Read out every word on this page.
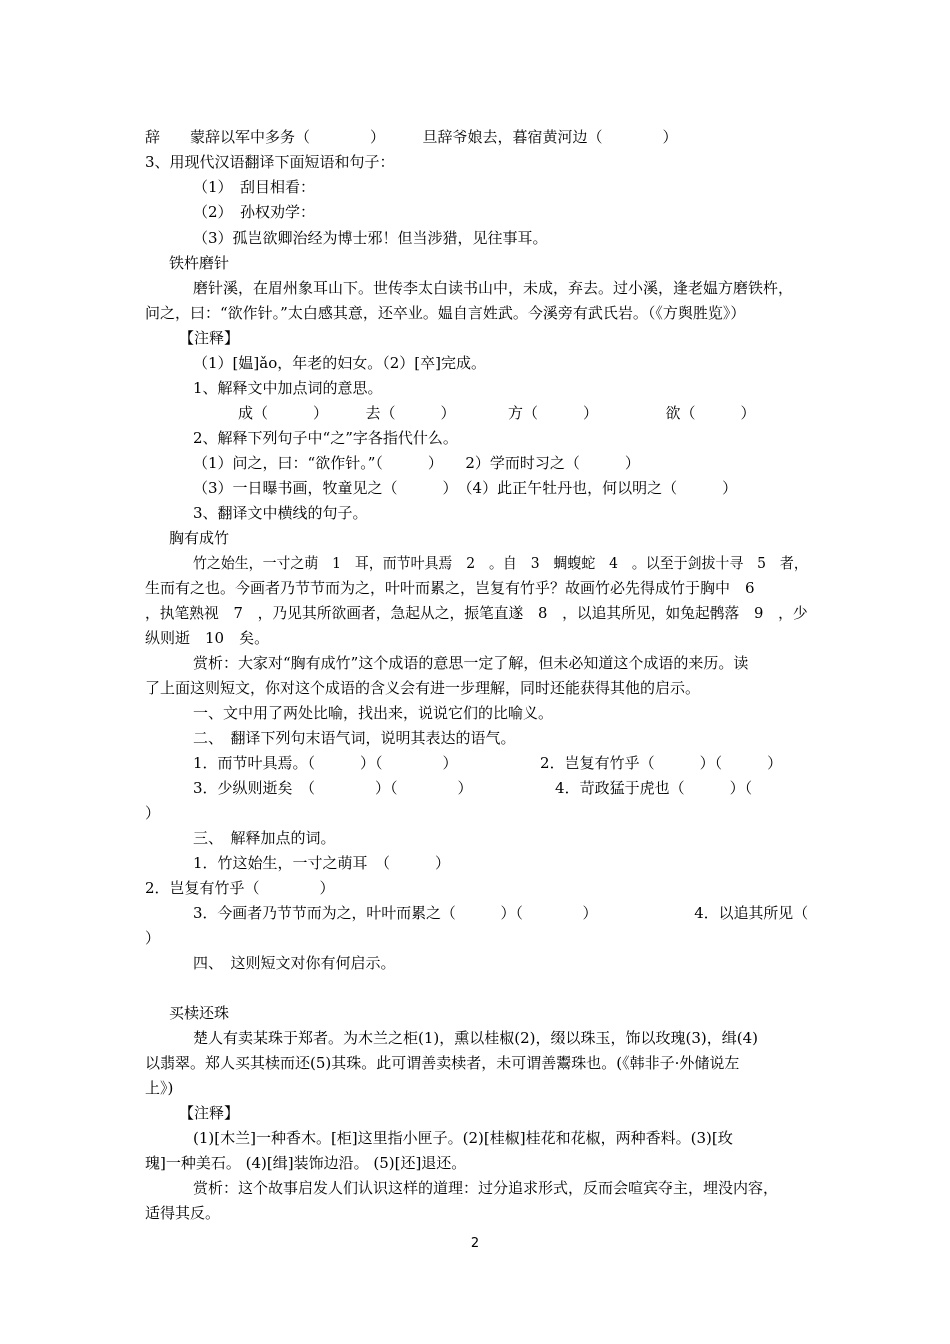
辞　　蒙辞以军中多务（　　　　）　　　旦辞爷娘去，暮宿黄河边（　　　　）
3、用现代汉语翻译下面短语和句子：
（1）　刮目相看：
（2）　孙权劝学：
（3）孤岂欲卿治经为博士邪！但当涉猎，见往事耳。
铁杵磨针
磨针溪，在眉州象耳山下。世传李太白读书山中，未成，弃去。过小溪，逢老媪方磨铁杵，
问之，曰：“欲作针。”太白感其意，还卒业。媪自言姓武。今溪旁有武氏岩。（《方舆胜览》）
【注释】
（1）[媪]ǎo，年老的妇女。（2）[卒]完成。
1、解释文中加点词的意思。
成（　　　）　　　去（　　　）　　　　方（　　　）　　　　　欲（　　　）
2、解释下列句子中“之”字各指代什么。
（1）问之，曰：“欲作针。”（　　　）　　2）学而时习之（　　　）
（3）一日曝书画，牧童见之（　　　）　（4）此正午牡丹也，何以明之（　　　）
3、翻译文中横线的句子。
胸有成竹
竹之始生，一寸之萌　1　耳，而节叶具焉　2　。自　3　蜩蝮蛇　4　。以至于剑拔十寻　5　者，
生而有之也。今画者乃节节而为之，叶叶而累之，岂复有竹乎？故画竹必先得成竹于胸中　6
，执笔熟视　7　，乃见其所欲画者，急起从之，振笔直遂　8　，以追其所见，如兔起鹘落　9　，少
纵则逝　10　矣。
赏析：大家对“胸有成竹”这个成语的意思一定了解，但未必知道这个成语的来历。读
了上面这则短文，你对这个成语的含义会有进一步理解，同时还能获得其他的启示。
一、文中用了两处比喻，找出来，说说它们的比喻义。
二、　翻译下列句末语气词，说明其表达的语气。
1．而节叶具焉。（　　　）（　　　　）　　　　　　2．岂复有竹乎（　　　）（　　　）
3．少纵则逝矣　（　　　　）（　　　　）　　　　　　4．苛政猛于虎也（　　　）（
）
三、　解释加点的词。
1．竹这始生，一寸之萌耳　（　　　）
2．岂复有竹乎（　　　　）
3．今画者乃节节而为之，叶叶而累之（　　　）（　　　　）　　　　　　　4．以追其所见（
）
四、　这则短文对你有何启示。
买椟还珠
楚人有卖某珠于郑者。为木兰之柜(1)，熏以桂椒(2)，缀以珠玉，饰以玫瑰(3)，缉(4)
以翡翠。郑人买其椟而还(5)其珠。此可谓善卖椟者，未可谓善鬻珠也。(《韩非子·外储说左
上》)
【注释】
(1)[木兰]一种香木。[柜]这里指小匣子。(2)[桂椒]桂花和花椒，两种香料。(3)[玫
瑰]一种美石。 (4)[缉]装饰边沿。 (5)[还]退还。
赏析：这个故事启发人们认识这样的道理：过分追求形式，反而会喧宾夺主，埋没内容，
适得其反。
2
